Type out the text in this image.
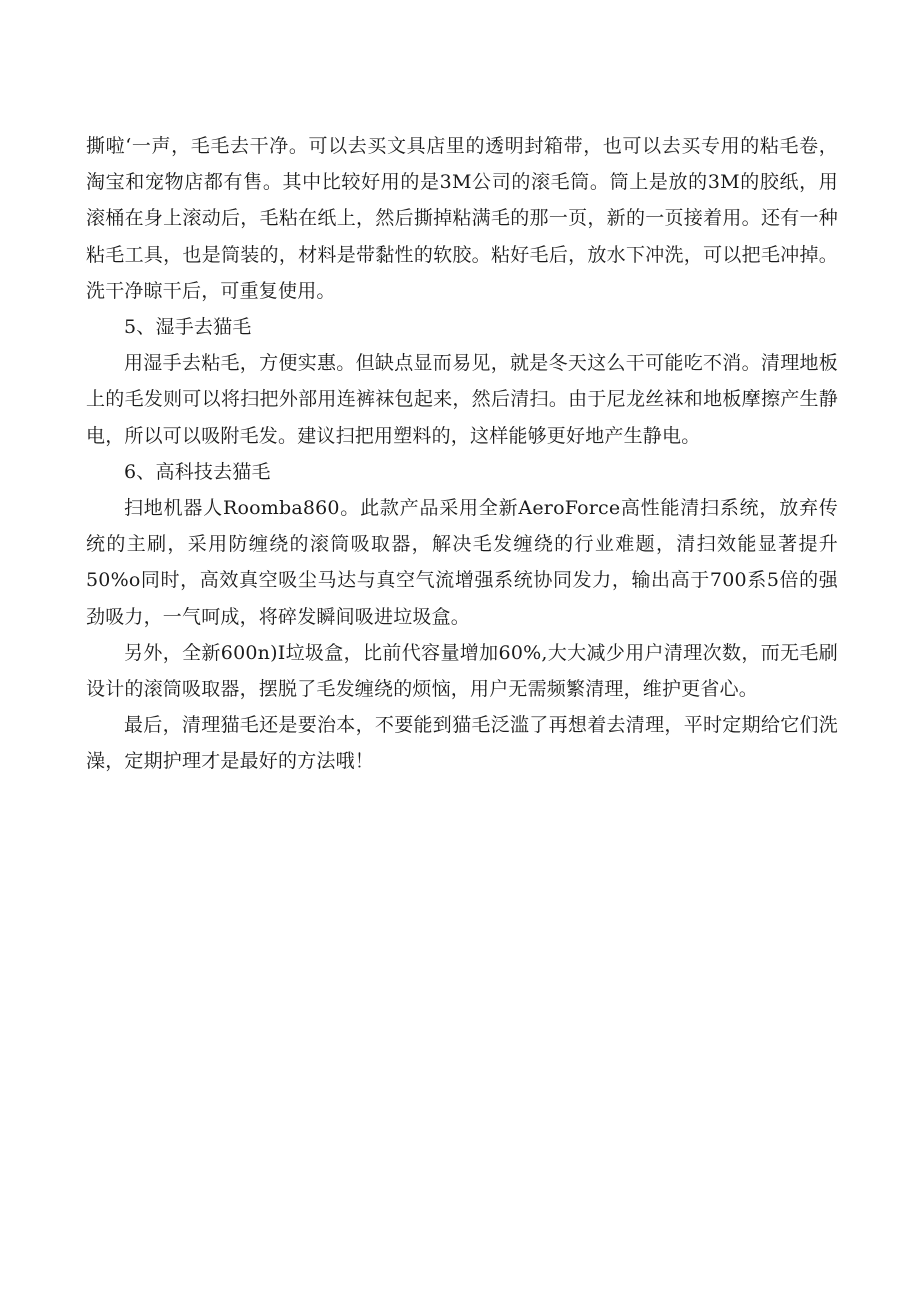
撕啦‘一声，毛毛去干净。可以去买文具店里的透明封箱带，也可以去买专用的粘毛卷，淘宝和宠物店都有售。其中比较好用的是3M公司的滚毛筒。筒上是放的3M的胶纸，用滚桶在身上滚动后，毛粘在纸上，然后撕掉粘满毛的那一页，新的一页接着用。还有一种粘毛工具，也是筒装的，材料是带黏性的软胶。粘好毛后，放水下冲洗，可以把毛冲掉。洗干净晾干后，可重复使用。

5、湿手去猫毛

用湿手去粘毛，方便实惠。但缺点显而易见，就是冬天这么干可能吃不消。清理地板上的毛发则可以将扫把外部用连裤袜包起来，然后清扫。由于尼龙丝袜和地板摩擦产生静电，所以可以吸附毛发。建议扫把用塑料的，这样能够更好地产生静电。

6、高科技去猫毛

扫地机器人Roomba860。此款产品采用全新AeroForce高性能清扫系统，放弃传统的主刷，采用防缠绕的滚筒吸取器，解决毛发缠绕的行业难题，清扫效能显著提升50%o同时，高效真空吸尘马达与真空气流增强系统协同发力，输出高于700系5倍的强劲吸力，一气呵成，将碎发瞬间吸进垃圾盒。

另外，全新600n)I垃圾盒，比前代容量增加60%,大大减少用户清理次数，而无毛刷设计的滚筒吸取器，摆脱了毛发缠绕的烦恼，用户无需频繁清理，维护更省心。

最后，清理猫毛还是要治本，不要能到猫毛泛滥了再想着去清理，平时定期给它们洗澡，定期护理才是最好的方法哦！
